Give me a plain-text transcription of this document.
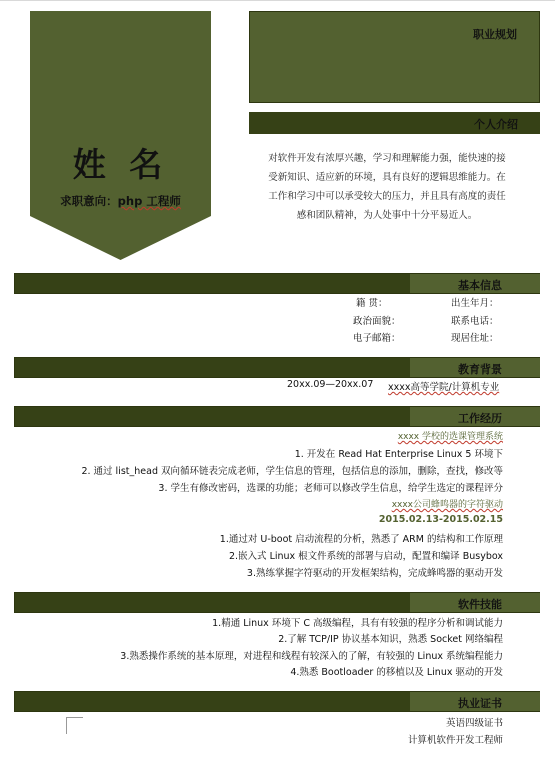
姓 名
求职意向：php 工程师
职业规划
个人介绍
对软件开发有浓厚兴趣，学习和理解能力强，能快速的接
受新知识、适应新的环境，具有良好的逻辑思维能力。在
工作和学习中可以承受较大的压力，并且具有高度的责任
感和团队精神，为人处事中十分平易近人。
基本信息
籍 贯：	出生年月：
政治面貌：	联系电话：
电子邮箱：	现居住址：
教育背景
20xx.09—20xx.07 xxxx高等学院/计算机专业
工作经历
xxxx 学校的选课管理系统
1. 开发在 Read Hat Enterprise Linux 5 环境下
2. 通过 list_head 双向循环链表完成老师，学生信息的管理，包括信息的添加，删除，查找，修改等
3. 学生有修改密码，选课的功能；老师可以修改学生信息，给学生选定的课程评分
xxxx公司蜂鸣器的字符驱动
2015.02.13-2015.02.15
1.通过对 U-boot 启动流程的分析，熟悉了 ARM 的结构和工作原理
2.嵌入式 Linux 根文件系统的部署与启动，配置和编译 Busybox
3.熟练掌握字符驱动的开发框架结构，完成蜂鸣器的驱动开发
软件技能
1.精通 Linux 环境下 C 高级编程，具有有较强的程序分析和调试能力
2.了解 TCP/IP 协议基本知识，熟悉 Socket 网络编程
3.熟悉操作系统的基本原理，对进程和线程有较深入的了解，有较强的 Linux 系统编程能力
4.熟悉 Bootloader 的移植以及 Linux 驱动的开发
执业证书
英语四级证书
计算机软件开发工程师
